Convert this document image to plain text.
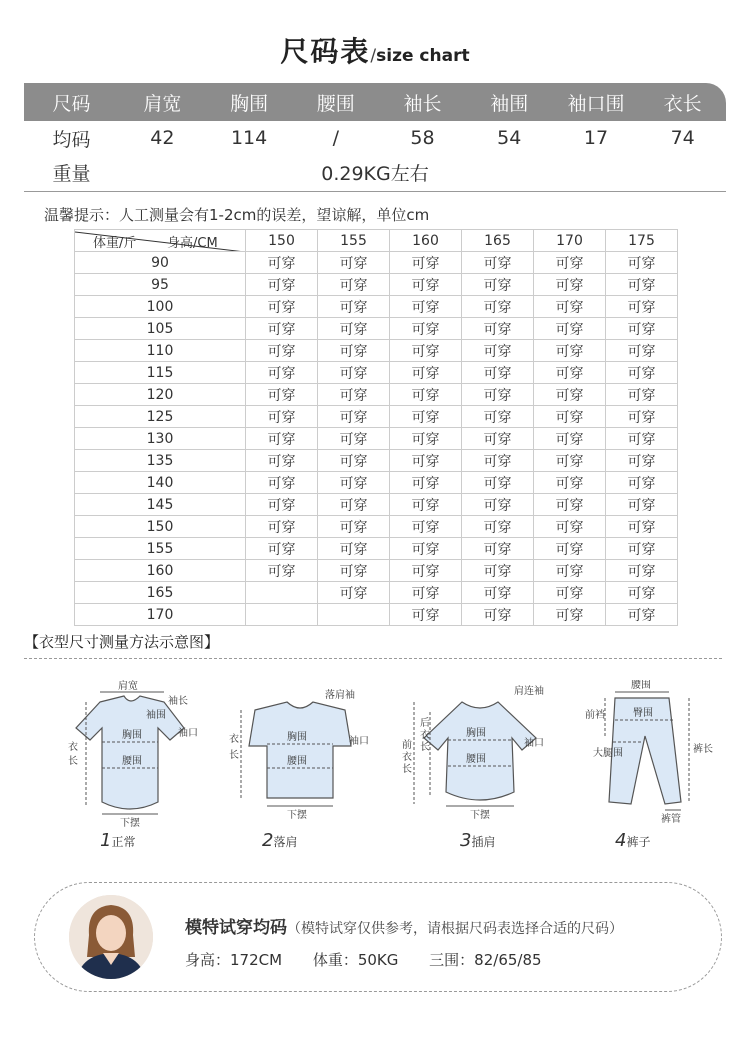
尺码表/size chart
尺码	肩宽	胸围	腰围	袖长	袖围	袖口围	衣长
均码	42	114	/	58	54	17	74
重量	0.29KG左右
温馨提示：人工测量会有1-2cm的误差，望谅解，单位cm
体重/斤 身高/CM	150	155	160	165	170	175
90	可穿	可穿	可穿	可穿	可穿	可穿
95	可穿	可穿	可穿	可穿	可穿	可穿
100	可穿	可穿	可穿	可穿	可穿	可穿
105	可穿	可穿	可穿	可穿	可穿	可穿
110	可穿	可穿	可穿	可穿	可穿	可穿
115	可穿	可穿	可穿	可穿	可穿	可穿
120	可穿	可穿	可穿	可穿	可穿	可穿
125	可穿	可穿	可穿	可穿	可穿	可穿
130	可穿	可穿	可穿	可穿	可穿	可穿
135	可穿	可穿	可穿	可穿	可穿	可穿
140	可穿	可穿	可穿	可穿	可穿	可穿
145	可穿	可穿	可穿	可穿	可穿	可穿
150	可穿	可穿	可穿	可穿	可穿	可穿
155	可穿	可穿	可穿	可穿	可穿	可穿
160	可穿	可穿	可穿	可穿	可穿	可穿
165		可穿	可穿	可穿	可穿	可穿
170			可穿	可穿	可穿	可穿
【衣型尺寸测量方法示意图】
肩宽
袖长
袖围
胸围	袖口
衣
长	腰围
下摆
落肩袖
衣
长
胸围	袖口
腰围
下摆
肩连袖
后
衣
长
前
衣
长
胸围
袖口
腰围
下摆
腰围
前裆	臀围
大腿围	裤长
裤管
1正常	2落肩	3插肩	4裤子
模特试穿均码（模特试穿仅供参考，请根据尺码表选择合适的尺码）
身高：172CM 体重：50KG 三围：82/65/85
